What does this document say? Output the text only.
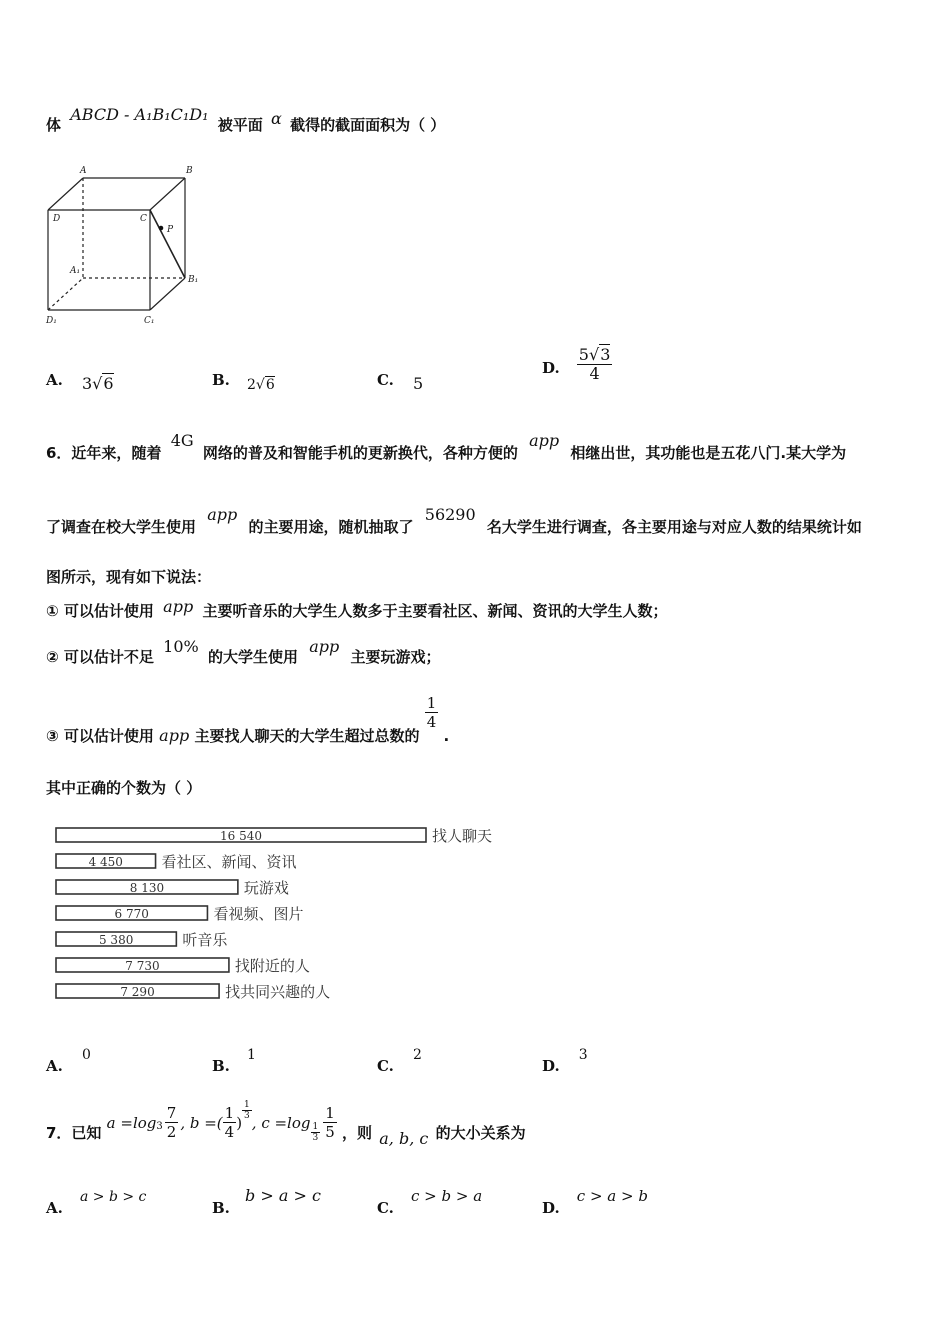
体 ABCD - A₁B₁C₁D₁ 被平面 α 截得的截面面积为（ ）
A	B
D	C
P
A₁
B₁
D₁	C₁
A. 3√6	B. 2√6	C. 5
D. $\frac{5√3}{4}$
6．近年来，随着 4G 网络的普及和智能手机的更新换代，各种方便的 app 相继出世，其功能也是五花八门.某大学为
了调查在校大学生使用 app 的主要用途，随机抽取了 56290 名大学生进行调查，各主要用途与对应人数的结果统计如
图所示，现有如下说法：
① 可以估计使用 app 主要听音乐的大学生人数多于主要看社区、新闻、资讯的大学生人数；
② 可以估计不足 10% 的大学生使用 app 主要玩游戏；
③ 可以估计使用 app 主要找人聊天的大学生超过总数的
$\frac{1}{4}$
.
其中正确的个数为（ ）
16 540	找人聊天
4 450	看社区、新闻、资讯
8 130	玩游戏
6 770	看视频、图片
5 380	听音乐
7 730	找附近的人
7 290	找共同兴趣的人
A. 0
B. 1
C. 2
D. 3
7．已知
$a =\log_3 \frac{7}{2}$ , b =( $\frac{1}{4}$ )
$\frac{1}{3}$
, $c =\log \frac{1}{3} \frac{1}{5}$ ，则 a, b, c 的大小关系为
A. a > b > c
B. b > a > c
C. c > b > a
D. c > a > b
